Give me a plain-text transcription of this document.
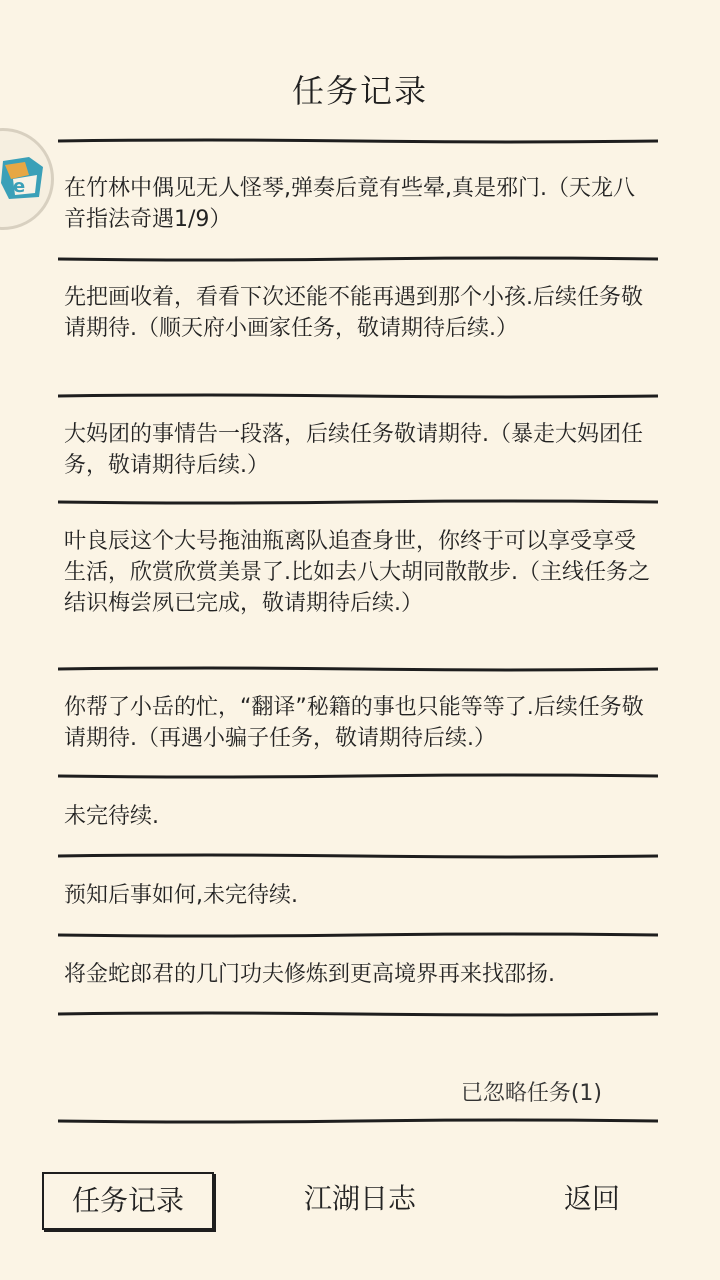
任务记录
e 在竹林中偶见无人怪琴,弹奏后竟有些晕,真是邪门.（天龙八音指法奇遇1/9）
先把画收着，看看下次还能不能再遇到那个小孩.后续任务敬请期待.（顺天府小画家任务，敬请期待后续.）
大妈团的事情告一段落，后续任务敬请期待.（暴走大妈团任务，敬请期待后续.）
叶良辰这个大号拖油瓶离队追查身世，你终于可以享受享受生活，欣赏欣赏美景了.比如去八大胡同散散步.（主线任务之结识梅尝夙已完成，敬请期待后续.）
你帮了小岳的忙，“翻译”秘籍的事也只能等等了.后续任务敬请期待.（再遇小骗子任务，敬请期待后续.）
未完待续.
预知后事如何,未完待续.
将金蛇郎君的几门功夫修炼到更高境界再来找邵扬.
已忽略任务(1)
任务记录	江湖日志	返回
